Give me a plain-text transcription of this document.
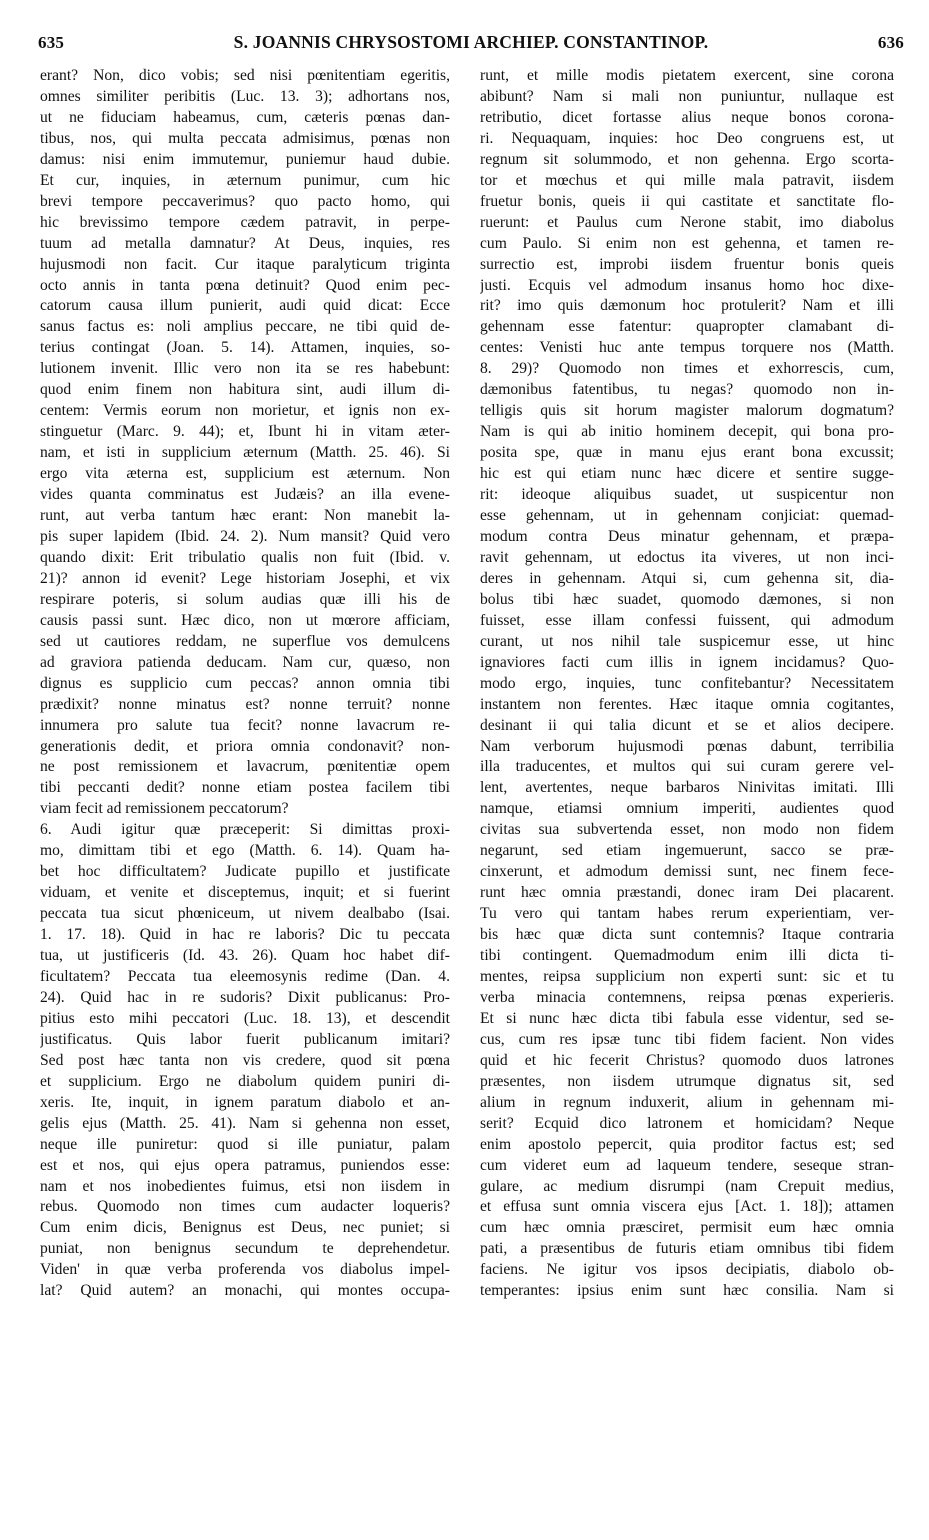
635	S. JOANNIS CHRYSOSTOMI ARCHIEP. CONSTANTINOP.	636
erant? Non, dico vobis; sed nisi pœnitentiam egeritis,
omnes similiter peribitis (Luc. 13. 3); adhortans nos,
ut ne fiduciam habeamus, cum, cæteris pœnas dan-
tibus, nos, qui multa peccata admisimus, pœnas non
damus: nisi enim immutemur, puniemur haud dubie.
Et cur, inquies, in æternum punimur, cum hic
brevi tempore peccaverimus? quo pacto homo, qui
hic brevissimo tempore cædem patravit, in perpe-
tuum ad metalla damnatur? At Deus, inquies, res
hujusmodi non facit. Cur itaque paralyticum triginta
octo annis in tanta pœna detinuit? Quod enim pec-
catorum causa illum punierit, audi quid dicat: Ecce
sanus factus es: noli amplius peccare, ne tibi quid de-
terius contingat (Joan. 5. 14). Attamen, inquies, so-
lutionem invenit. Illic vero non ita se res habebunt:
quod enim finem non habitura sint, audi illum di-
centem: Vermis eorum non morietur, et ignis non ex-
stinguetur (Marc. 9. 44); et, Ibunt hi in vitam æter-
nam, et isti in supplicium æternum (Matth. 25. 46). Si
ergo vita æterna est, supplicium est æternum. Non
vides quanta comminatus est Judæis? an illa evene-
runt, aut verba tantum hæc erant: Non manebit la-
pis super lapidem (Ibid. 24. 2). Num mansit? Quid vero
quando dixit: Erit tribulatio qualis non fuit (Ibid. v.
21)? annon id evenit? Lege historiam Josephi, et vix
respirare poteris, si solum audias quæ illi his de
causis passi sunt. Hæc dico, non ut mœrore afficiam,
sed ut cautiores reddam, ne superflue vos demulcens
ad graviora patienda deducam. Nam cur, quæso, non
dignus es supplicio cum peccas? annon omnia tibi
prædixit? nonne minatus est? nonne terruit? nonne
innumera pro salute tua fecit? nonne lavacrum re-
generationis dedit, et priora omnia condonavit? non-
ne post remissionem et lavacrum, pœnitentiæ opem
tibi peccanti dedit? nonne etiam postea facilem tibi
viam fecit ad remissionem peccatorum?
6. Audi igitur quæ præceperit: Si dimittas proxi-
mo, dimittam tibi et ego (Matth. 6. 14). Quam ha-
bet hoc difficultatem? Judicate pupillo et justificate
viduam, et venite et disceptemus, inquit; et si fuerint
peccata tua sicut phœniceum, ut nivem dealbabo (Isai.
1. 17. 18). Quid in hac re laboris? Dic tu peccata
tua, ut justificeris (Id. 43. 26). Quam hoc habet dif-
ficultatem? Peccata tua eleemosynis redime (Dan. 4.
24). Quid hac in re sudoris? Dixit publicanus: Pro-
pitius esto mihi peccatori (Luc. 18. 13), et descendit
justificatus. Quis labor fuerit publicanum imitari?
Sed post hæc tanta non vis credere, quod sit pœna
et supplicium. Ergo ne diabolum quidem puniri di-
xeris. Ite, inquit, in ignem paratum diabolo et an-
gelis ejus (Matth. 25. 41). Nam si gehenna non esset,
neque ille puniretur: quod si ille puniatur, palam
est et nos, qui ejus opera patramus, puniendos esse:
nam et nos inobedientes fuimus, etsi non iisdem in
rebus. Quomodo non times cum audacter loqueris?
Cum enim dicis, Benignus est Deus, nec puniet; si
puniat, non benignus secundum te deprehendetur.
Viden' in quæ verba proferenda vos diabolus impel-
lat? Quid autem? an monachi, qui montes occupa-
runt, et mille modis pietatem exercent, sine corona
abibunt? Nam si mali non puniuntur, nullaque est
retributio, dicet fortasse alius neque bonos corona-
ri. Nequaquam, inquies: hoc Deo congruens est, ut
regnum sit solummodo, et non gehenna. Ergo scorta-
tor et mœchus et qui mille mala patravit, iisdem
fruetur bonis, queis ii qui castitate et sanctitate flo-
ruerunt: et Paulus cum Nerone stabit, imo diabolus
cum Paulo. Si enim non est gehenna, et tamen re-
surrectio est, improbi iisdem fruentur bonis queis
justi. Ecquis vel admodum insanus homo hoc dixe-
rit? imo quis dæmonum hoc protulerit? Nam et illi
gehennam esse fatentur: quapropter clamabant di-
centes: Venisti huc ante tempus torquere nos (Matth.
8. 29)? Quomodo non times et exhorrescis, cum,
dæmonibus fatentibus, tu negas? quomodo non in-
telligis quis sit horum magister malorum dogmatum?
Nam is qui ab initio hominem decepit, qui bona pro-
posita spe, quæ in manu ejus erant bona excussit;
hic est qui etiam nunc hæc dicere et sentire sugge-
rit: ideoque aliquibus suadet, ut suspicentur non
esse gehennam, ut in gehennam conjiciat: quemad-
modum contra Deus minatur gehennam, et præpa-
ravit gehennam, ut edoctus ita viveres, ut non inci-
deres in gehennam. Atqui si, cum gehenna sit, dia-
bolus tibi hæc suadet, quomodo dæmones, si non
fuisset, esse illam confessi fuissent, qui admodum
curant, ut nos nihil tale suspicemur esse, ut hinc
ignaviores facti cum illis in ignem incidamus? Quo-
modo ergo, inquies, tunc confitebantur? Necessitatem
instantem non ferentes. Hæc itaque omnia cogitantes,
desinant ii qui talia dicunt et se et alios decipere.
Nam verborum hujusmodi pœnas dabunt, terribilia
illa traducentes, et multos qui sui curam gerere vel-
lent, avertentes, neque barbaros Ninivitas imitati. Illi
namque, etiamsi omnium imperiti, audientes quod
civitas sua subvertenda esset, non modo non fidem
negarunt, sed etiam ingemuerunt, sacco se præ-
cinxerunt, et admodum demissi sunt, nec finem fece-
runt hæc omnia præstandi, donec iram Dei placarent.
Tu vero qui tantam habes rerum experientiam, ver-
bis hæc quæ dicta sunt contemnis? Itaque contraria
tibi contingent. Quemadmodum enim illi dicta ti-
mentes, reipsa supplicium non experti sunt: sic et tu
verba minacia contemnens, reipsa pœnas experieris.
Et si nunc hæc dicta tibi fabula esse videntur, sed se-
cus, cum res ipsæ tunc tibi fidem facient. Non vides
quid et hic fecerit Christus? quomodo duos latrones
præsentes, non iisdem utrumque dignatus sit, sed
alium in regnum induxerit, alium in gehennam mi-
serit? Ecquid dico latronem et homicidam? Neque
enim apostolo pepercit, quia proditor factus est; sed
cum videret eum ad laqueum tendere, seseque stran-
gulare, ac medium disrumpi (nam Crepuit medius,
et effusa sunt omnia viscera ejus [Act. 1. 18]); attamen
cum hæc omnia præsciret, permisit eum hæc omnia
pati, a præsentibus de futuris etiam omnibus tibi fidem
faciens. Ne igitur vos ipsos decipiatis, diabolo ob-
temperantes: ipsius enim sunt hæc consilia. Nam si
